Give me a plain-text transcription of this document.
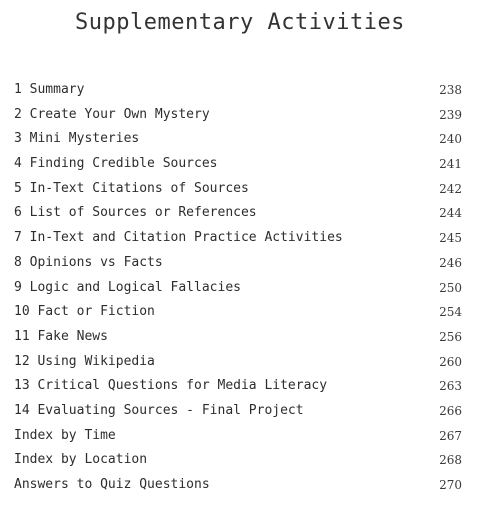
Supplementary Activities
1 Summary	238
2 Create Your Own Mystery	239
3 Mini Mysteries	240
4 Finding Credible Sources	241
5 In-Text Citations of Sources	242
6 List of Sources or References	244
7 In-Text and Citation Practice Activities	245
8 Opinions vs Facts	246
9 Logic and Logical Fallacies	250
10 Fact or Fiction	254
11 Fake News	256
12 Using Wikipedia	260
13 Critical Questions for Media Literacy	263
14 Evaluating Sources - Final Project	266
Index by Time	267
Index by Location	268
Answers to Quiz Questions	270
